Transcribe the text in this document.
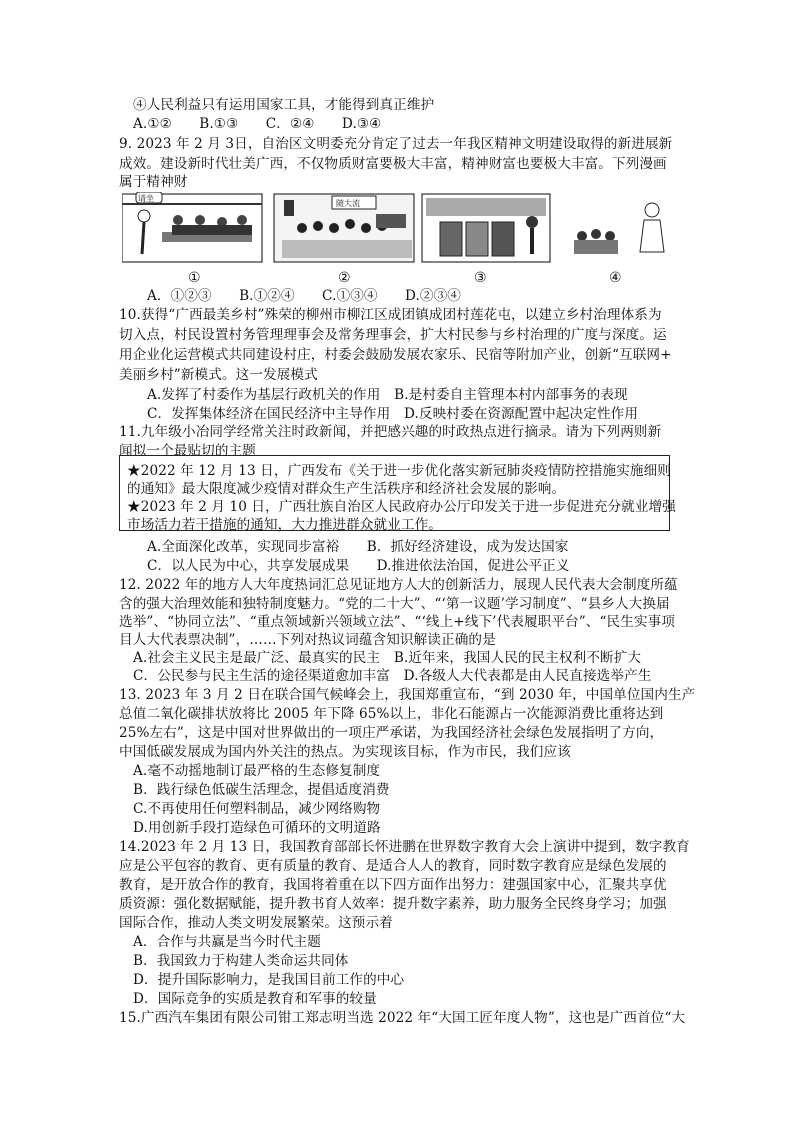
④人民利益只有运用国家工具，才能得到真正维护
A.①②　　B.①③　　C．②④　　D.③④
9. 2023 年 2 月 3日，自治区文明委充分肯定了过去一年我区精神文明建设取得的新进展新
成效。建设新时代壮美广西，不仅物质财富要极大丰富，精神财富也要极大丰富。下列漫画
属于精神财
请坐
随大流
①	②	③	④
A．①②③　　B.①②④　　C.①③④　　D.②③④
10.获得“广西最美乡村”殊荣的柳州市柳江区成团镇成团村莲花屯，以建立乡村治理体系为
切入点，村民设置村务管理理事会及常务理事会，扩大村民参与乡村治理的广度与深度。运
用企业化运营模式共同建设村庄，村委会鼓励发展农家乐、民宿等附加产业，创新“互联网+
美丽乡村”新模式。这一发展模式
A.发挥了村委作为基层行政机关的作用　B.是村委自主管理本村内部事务的表现
C．发挥集体经济在国民经济中主导作用　D.反映村委在资源配置中起决定性作用
11.九年级小冶同学经常关注时政新闻，并把感兴趣的时政热点进行摘录。请为下列两则新
闻拟一个最贴切的主题
★2022 年 12 月 13 日，广西发布《关于进一步优化落实新冠肺炎疫情防控措施实施细则
的通知》最大限度减少疫情对群众生产生活秩序和经济社会发展的影响。
★2023 年 2 月 10 日，广西壮族自治区人民政府办公厅印发关于进一步促进充分就业增强
市场活力若干措施的通知，大力推进群众就业工作。
A.全面深化改革，实现同步富裕　　B．抓好经济建设，成为发达国家
C．以人民为中心，共享发展成果　　D.推进依法治国，促进公平正义
12. 2022 年的地方人大年度热词汇总见证地方人大的创新活力，展现人民代表大会制度所蕴
含的强大治理效能和独特制度魅力。“党的二十大”、“‘第一议题’学习制度”、“县乡人大换届
选举”、“协同立法”、“重点领域新兴领域立法”、“‘线上+线下’代表履职平台”、“民生实事项
目人大代表票决制”，……下列对热议词蕴含知识解读正确的是
A.社会主义民主是最广泛、最真实的民主　B.近年来，我国人民的民主权利不断扩大
C．公民参与民主生活的途径渠道愈加丰富　D.各级人大代表都是由人民直接选举产生
13. 2023 年 3 月 2 日在联合国气候峰会上，我国郑重宣布，“到 2030 年，中国单位国内生产
总值二氧化碳排状放将比 2005 年下降 65%以上，非化石能源占一次能源消费比重将达到
25%左右”，这是中国对世界做出的一项庄严承诺，为我国经济社会绿色发展指明了方向，
中国低碳发展成为国内外关注的热点。为实现该目标，作为市民，我们应该
A.毫不动摇地制订最严格的生态修复制度
B．践行绿色低碳生活理念，提倡适度消费
C.不再使用任何塑料制品，减少网络购物
D.用创新手段打造绿色可循环的文明道路
14.2023 年 2 月 13 日，我国教育部部长怀进鹏在世界数字教育大会上演讲中提到，数字教育
应是公平包容的教育、更有质量的教育、是适合人人的教育，同时数字教育应是绿色发展的
教育，是开放合作的教育，我国将着重在以下四方面作出努力：建强国家中心，汇聚共享优
质资源：强化数据赋能，提升教书育人效率：提升数字素养，助力服务全民终身学习；加强
国际合作，推动人类文明发展繁荣。这预示着
A．合作与共赢是当今时代主题
B．我国致力于构建人类命运共同体
D．提升国际影响力，是我国目前工作的中心
D．国际竞争的实质是教育和军事的较量
15.广西汽车集团有限公司钳工郑志明当选 2022 年“大国工匠年度人物”，这也是广西首位“大
